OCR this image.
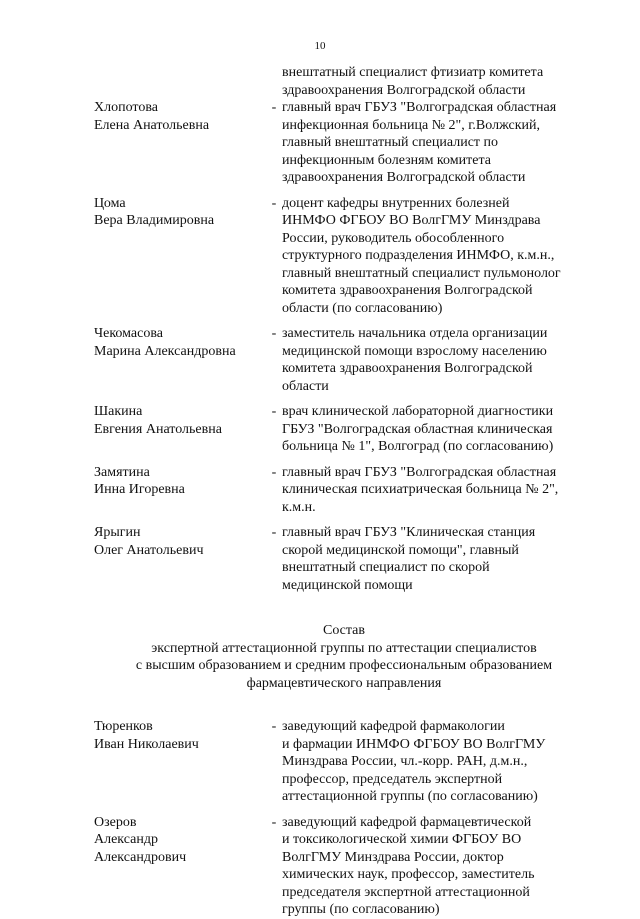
10
внештатный специалист фтизиатр комитета
здравоохранения Волгоградской области
Хлопотова
Елена Анатольевна
- главный врач ГБУЗ "Волгоградская областная
инфекционная больница № 2", г.Волжский,
главный внештатный специалист по
инфекционным болезням комитета
здравоохранения Волгоградской области
Цома
Вера Владимировна
- доцент кафедры внутренних болезней
ИНМФО ФГБОУ ВО ВолгГМУ Минздрава
России, руководитель обособленного
структурного подразделения ИНМФО, к.м.н.,
главный внештатный специалист пульмонолог
комитета здравоохранения Волгоградской
области (по согласованию)
Чекомасова
Марина Александровна
- заместитель начальника отдела организации
медицинской помощи взрослому населению
комитета здравоохранения Волгоградской
области
Шакина
Евгения Анатольевна
- врач клинической лабораторной диагностики
ГБУЗ "Волгоградская областная клиническая
больница № 1", Волгоград (по согласованию)
Замятина
Инна Игоревна
- главный врач ГБУЗ "Волгоградская областная
клиническая психиатрическая больница № 2",
к.м.н.
Ярыгин
Олег Анатольевич
- главный врач ГБУЗ "Клиническая станция
скорой медицинской помощи", главный
внештатный специалист по скорой
медицинской помощи
Состав
экспертной аттестационной группы по аттестации специалистов
с высшим образованием и средним профессиональным образованием
фармацевтического направления
Тюренков
Иван Николаевич
- заведующий кафедрой фармакологии
и фармации ИНМФО ФГБОУ ВО ВолгГМУ
Минздрава России, чл.-корр. РАН, д.м.н.,
профессор, председатель экспертной
аттестационной группы (по согласованию)
Озеров
Александр
Александрович
- заведующий кафедрой фармацевтической
и токсикологической химии ФГБОУ ВО
ВолгГМУ Минздрава России, доктор
химических наук, профессор, заместитель
председателя экспертной аттестационной
группы (по согласованию)
